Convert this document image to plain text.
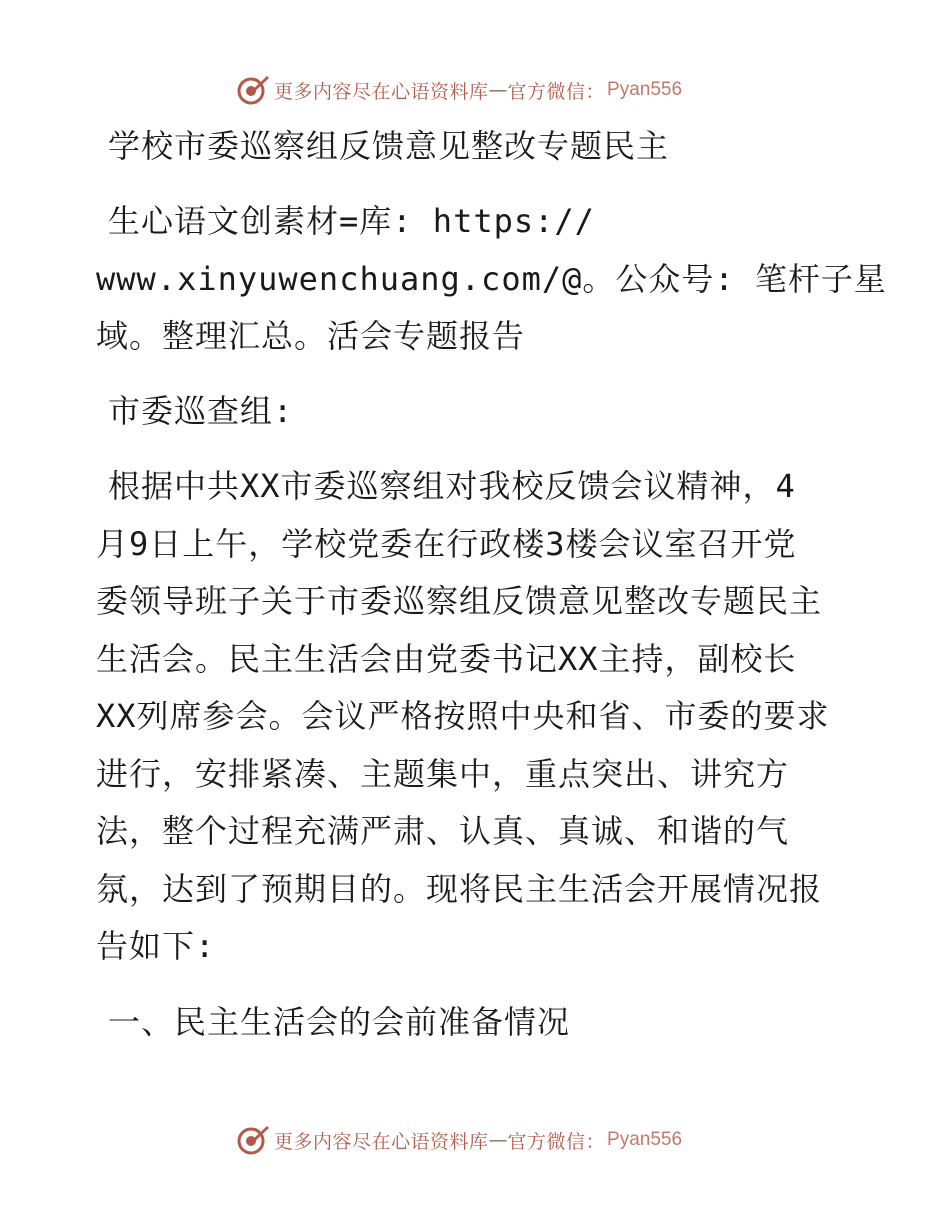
更多内容尽在心语资料库 — 官方微信： Pyan556
学校市委巡察组反馈意见整改专题民主
生心语文创素材=库: https://
www.xinyuwenchuang.com/@。公众号: 笔杆子星
域。整理汇总。活会专题报告
市委巡查组:
根据中共XX市委巡察组对我校反馈会议精神，4
月9日上午，学校党委在行政楼3楼会议室召开党
委领导班子关于市委巡察组反馈意见整改专题民主
生活会。民主生活会由党委书记XX主持，副校长
XX列席参会。会议严格按照中央和省、市委的要求
进行，安排紧凑、主题集中，重点突出、讲究方
法，整个过程充满严肃、认真、真诚、和谐的气
氛，达到了预期目的。现将民主生活会开展情况报
告如下:
一、民主生活会的会前准备情况
更多内容尽在心语资料库 — 官方微信： Pyan556
